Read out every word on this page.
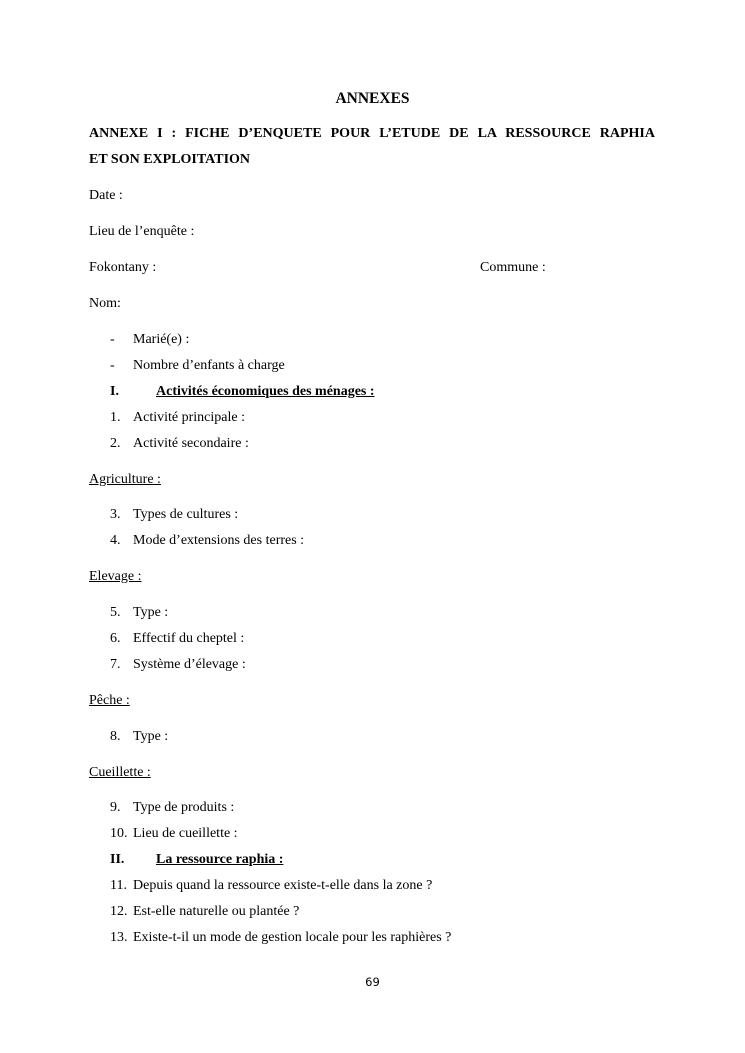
ANNEXES
ANNEXE I : FICHE D’ENQUETE POUR L’ETUDE DE LA RESSOURCE RAPHIA
ET SON EXPLOITATION
Date :
Lieu de l’enquête :
Fokontany :	Commune :
Nom:
- Marié(e) :
- Nombre d’enfants à charge
I.	Activités économiques des ménages :
1. Activité principale :
2. Activité secondaire :
Agriculture :
3. Types de cultures :
4. Mode d’extensions des terres :
Elevage :
5. Type :
6. Effectif du cheptel :
7. Système d’élevage :
Pêche :
8. Type :
Cueillette :
9. Type de produits :
10. Lieu de cueillette :
II. La ressource raphia :
11. Depuis quand la ressource existe-t-elle dans la zone ?
12. Est-elle naturelle ou plantée ?
13. Existe-t-il un mode de gestion locale pour les raphières ?
69
